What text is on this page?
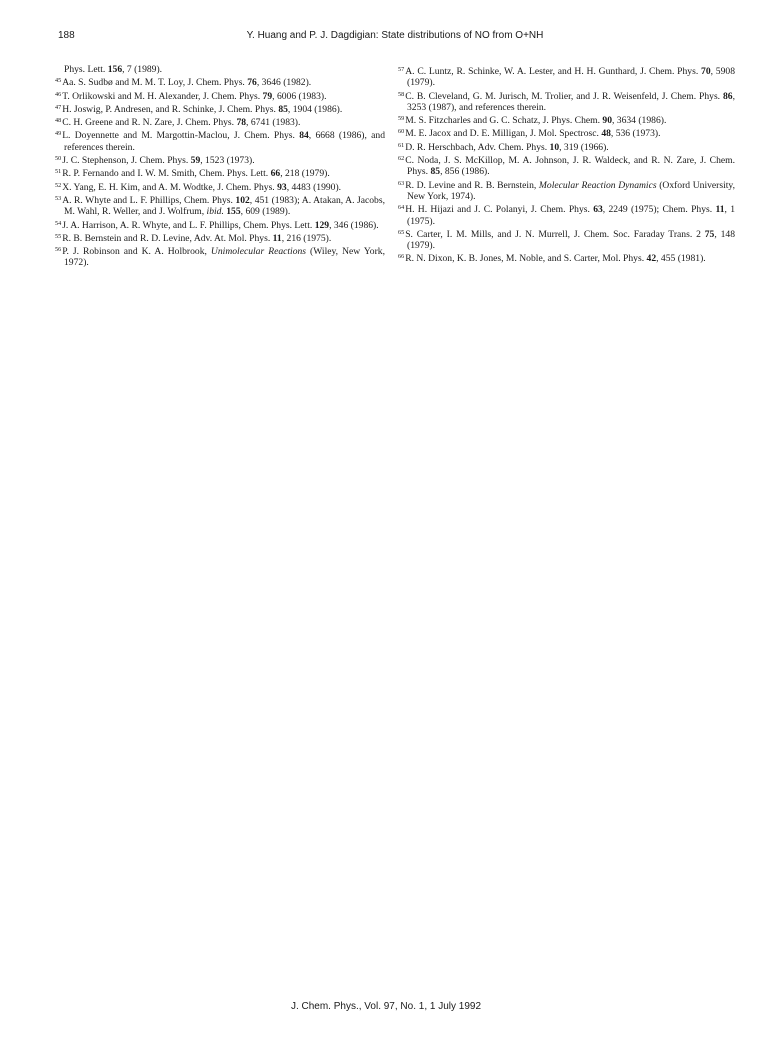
188	Y. Huang and P. J. Dagdigian: State distributions of NO from O+NH
Phys. Lett. 156, 7 (1989).
$^{45}$Aa. S. Sudbø and M. M. T. Loy, J. Chem. Phys. 76, 3646 (1982).
$^{46}$T. Orlikowski and M. H. Alexander, J. Chem. Phys. 79, 6006 (1983).
$^{47}$H. Joswig, P. Andresen, and R. Schinke, J. Chem. Phys. 85, 1904 (1986).
$^{48}$C. H. Greene and R. N. Zare, J. Chem. Phys. 78, 6741 (1983).
$^{49}$L. Doyennette and M. Margottin-Maclou, J. Chem. Phys. 84, 6668 (1986), and references therein.
$^{50}$J. C. Stephenson, J. Chem. Phys. 59, 1523 (1973).
$^{51}$R. P. Fernando and I. W. M. Smith, Chem. Phys. Lett. 66, 218 (1979).
$^{52}$X. Yang, E. H. Kim, and A. M. Wodtke, J. Chem. Phys. 93, 4483 (1990).
$^{53}$A. R. Whyte and L. F. Phillips, Chem. Phys. 102, 451 (1983); A. Atakan, A. Jacobs, M. Wahl, R. Weller, and J. Wolfrum, ibid. 155, 609 (1989).
$^{54}$J. A. Harrison, A. R. Whyte, and L. F. Phillips, Chem. Phys. Lett. 129, 346 (1986).
$^{55}$R. B. Bernstein and R. D. Levine, Adv. At. Mol. Phys. 11, 216 (1975).
$^{56}$P. J. Robinson and K. A. Holbrook, Unimolecular Reactions (Wiley, New York, 1972).
$^{57}$A. C. Luntz, R. Schinke, W. A. Lester, and H. H. Gunthard, J. Chem. Phys. 70, 5908 (1979).
$^{58}$C. B. Cleveland, G. M. Jurisch, M. Trolier, and J. R. Weisenfeld, J. Chem. Phys. 86, 3253 (1987), and references therein.
$^{59}$M. S. Fitzcharles and G. C. Schatz, J. Phys. Chem. 90, 3634 (1986).
$^{60}$M. E. Jacox and D. E. Milligan, J. Mol. Spectrosc. 48, 536 (1973).
$^{61}$D. R. Herschbach, Adv. Chem. Phys. 10, 319 (1966).
$^{62}$C. Noda, J. S. McKillop, M. A. Johnson, J. R. Waldeck, and R. N. Zare, J. Chem. Phys. 85, 856 (1986).
$^{63}$R. D. Levine and R. B. Bernstein, Molecular Reaction Dynamics (Oxford University, New York, 1974).
$^{64}$H. H. Hijazi and J. C. Polanyi, J. Chem. Phys. 63, 2249 (1975); Chem. Phys. 11, 1 (1975).
$^{65}$S. Carter, I. M. Mills, and J. N. Murrell, J. Chem. Soc. Faraday Trans. 2 75, 148 (1979).
$^{66}$R. N. Dixon, K. B. Jones, M. Noble, and S. Carter, Mol. Phys. 42, 455 (1981).
J. Chem. Phys., Vol. 97, No. 1, 1 July 1992
